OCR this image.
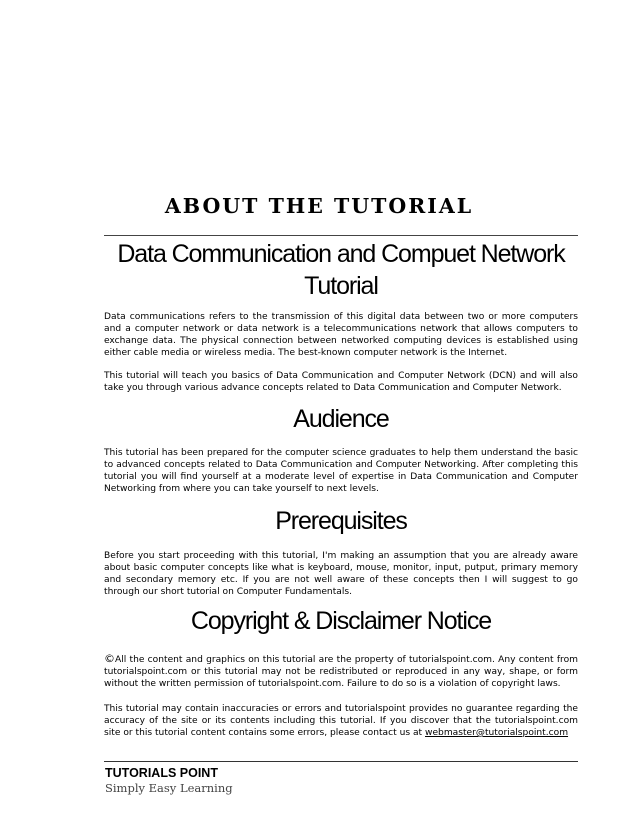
ABOUT THE TUTORIAL
Data Communication and Compuet Network
Tutorial

Data communications refers to the transmission of this digital data between two or more computers and a computer network or data network is a telecommunications network that allows computers to exchange data. The physical connection between networked computing devices is established using either cable media or wireless media. The best-known computer network is the Internet.

This tutorial will teach you basics of Data Communication and Computer Network (DCN) and will also take you through various advance concepts related to Data Communication and Computer Network.

Audience

This tutorial has been prepared for the computer science graduates to help them understand the basic to advanced concepts related to Data Communication and Computer Networking. After completing this tutorial you will find yourself at a moderate level of expertise in Data Communication and Computer Networking from where you can take yourself to next levels.

Prerequisites

Before you start proceeding with this tutorial, I'm making an assumption that you are already aware about basic computer concepts like what is keyboard, mouse, monitor, input, putput, primary memory and secondary memory etc. If you are not well aware of these concepts then I will suggest to go through our short tutorial on Computer Fundamentals.

Copyright & Disclaimer Notice

©All the content and graphics on this tutorial are the property of tutorialspoint.com. Any content from tutorialspoint.com or this tutorial may not be redistributed or reproduced in any way, shape, or form without the written permission of tutorialspoint.com. Failure to do so is a violation of copyright laws.

This tutorial may contain inaccuracies or errors and tutorialspoint provides no guarantee regarding the accuracy of the site or its contents including this tutorial. If you discover that the tutorialspoint.com site or this tutorial content contains some errors, please contact us at webmaster@tutorialspoint.com

TUTORIALS POINT
Simply Easy Learning
